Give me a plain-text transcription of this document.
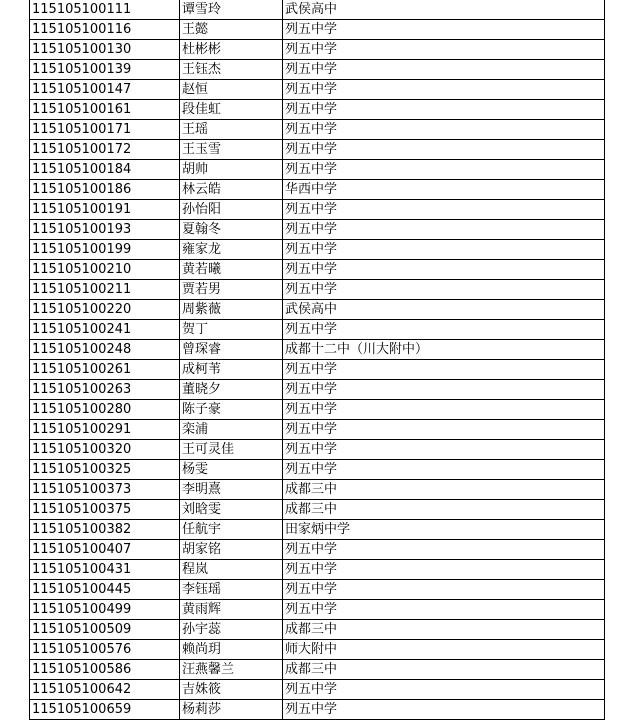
115105100111	谭雪玲	武侯高中
115105100116	王懿	列五中学
115105100130	杜彬彬	列五中学
115105100139	王钰杰	列五中学
115105100147	赵恒	列五中学
115105100161	段佳虹	列五中学
115105100171	王瑶	列五中学
115105100172	王玉雪	列五中学
115105100184	胡帅	列五中学
115105100186	林云皓	华西中学
115105100191	孙怡阳	列五中学
115105100193	夏翰冬	列五中学
115105100199	雍家龙	列五中学
115105100210	黄若曦	列五中学
115105100211	贾若男	列五中学
115105100220	周紫薇	武侯高中
115105100241	贺丁	列五中学
115105100248	曾琛睿	成都十二中（川大附中）
115105100261	成柯苇	列五中学
115105100263	董晓夕	列五中学
115105100280	陈子豪	列五中学
115105100291	栾浦	列五中学
115105100320	王可灵佳	列五中学
115105100325	杨雯	列五中学
115105100373	李明熹	成都三中
115105100375	刘晗雯	成都三中
115105100382	任航宇	田家炳中学
115105100407	胡家铭	列五中学
115105100431	程岚	列五中学
115105100445	李钰瑶	列五中学
115105100499	黄雨辉	列五中学
115105100509	孙宇蕊	成都三中
115105100576	赖尚玥	师大附中
115105100586	汪燕馨兰	成都三中
115105100642	吉姝筱	列五中学
115105100659	杨莉莎	列五中学
